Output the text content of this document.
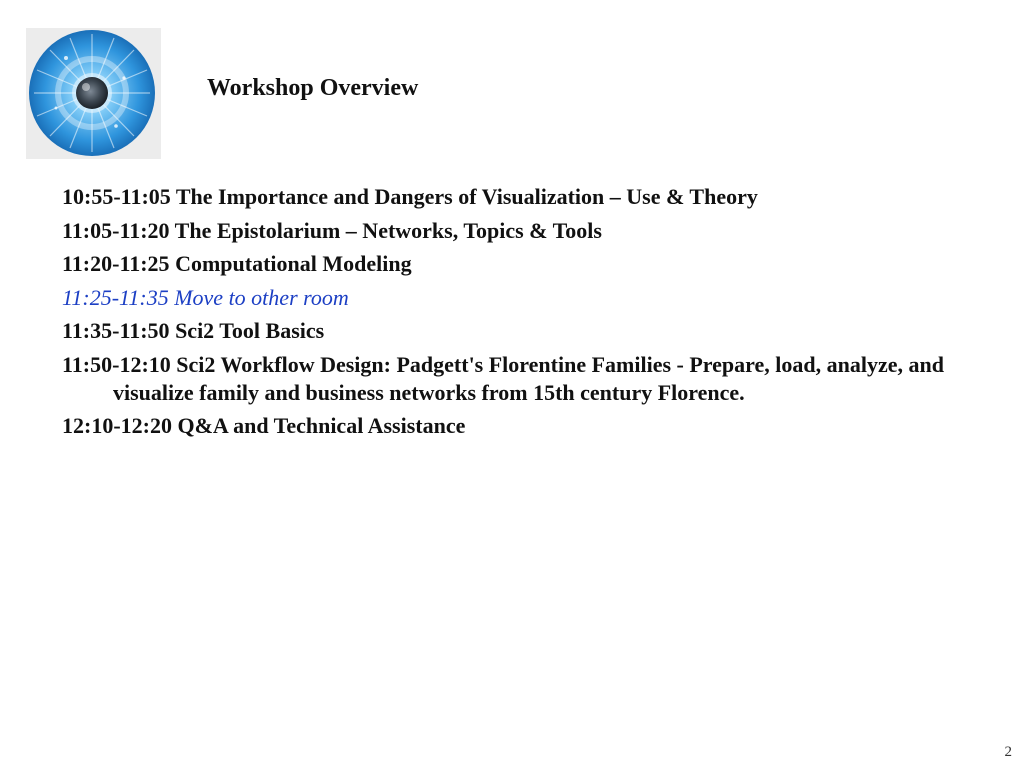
Workshop Overview
10:55-11:05 The Importance and Dangers of Visualization – Use & Theory
11:05-11:20 The Epistolarium – Networks, Topics & Tools
11:20-11:25 Computational Modeling
11:25-11:35 Move to other room
11:35-11:50 Sci2 Tool Basics
11:50-12:10 Sci2 Workflow Design: Padgett's Florentine Families - Prepare, load, analyze, and visualize family and business networks from 15th century Florence.
12:10-12:20 Q&A and Technical Assistance
2
